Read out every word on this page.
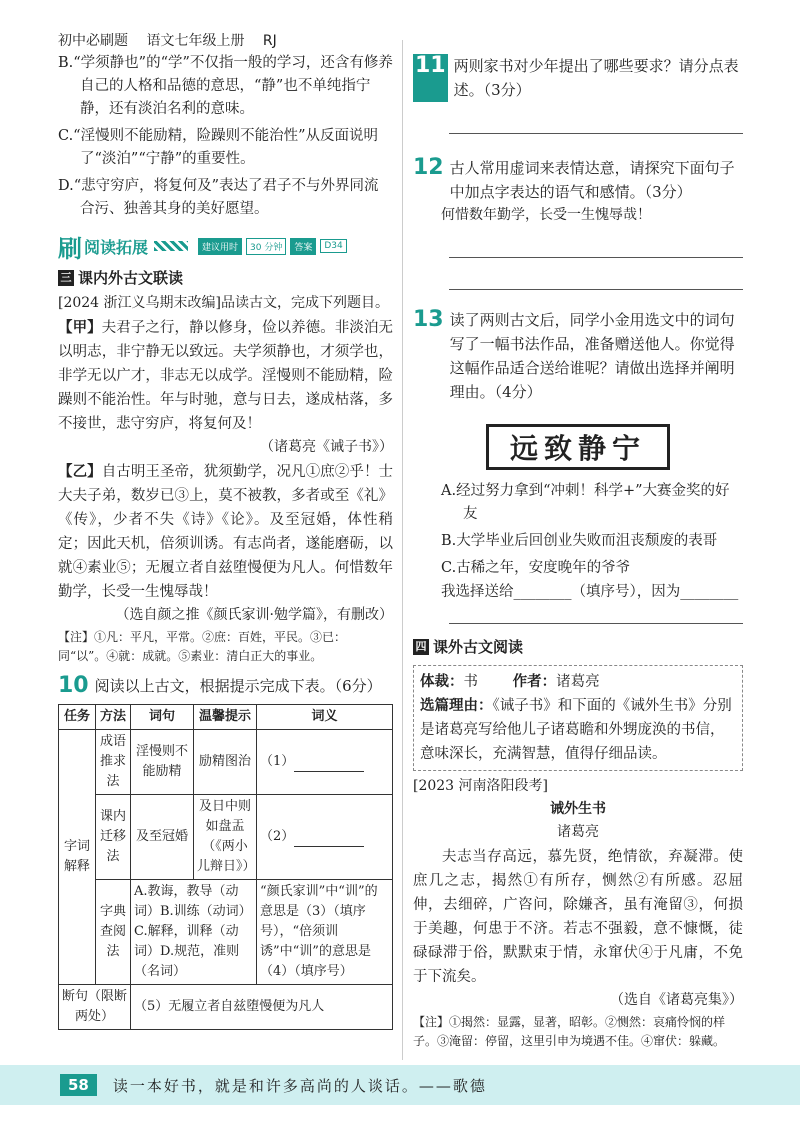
初中必刷题 语文七年级上册 RJ

B.“学须静也”的“学”不仅指一般的学习，还含有修养自己的人格和品德的意思，“静”也不单纯指宁静，还有淡泊名利的意味。

C.“淫慢则不能励精，险躁则不能治性”从反面说明了“淡泊”“宁静”的重要性。

D.“悲守穷庐，将复何及”表达了君子不与外界同流合污、独善其身的美好愿望。

刷 阅读拓展	建议用时	30 分钟	答案	D34
三 课内外古文联读

[2024 浙江义乌期末改编]品读古文，完成下列题目。

【甲】夫君子之行，静以修身，俭以养德。非淡泊无以明志，非宁静无以致远。夫学须静也，才须学也，非学无以广才，非志无以成学。淫慢则不能励精，险躁则不能治性。年与时驰，意与日去，遂成枯落，多不接世，悲守穷庐，将复何及！

（诸葛亮《诫子书》）

【乙】自古明王圣帝，犹须勤学，况凡①庶②乎！士大夫子弟，数岁已③上，莫不被教，多者或至《礼》《传》，少者不失《诗》《论》。及至冠婚，体性稍定；因此天机，倍须训诱。有志尚者，遂能磨砺，以就④素业⑤；无履立者自兹堕慢便为凡人。何惜数年勤学，长受一生愧辱哉！

（选自颜之推《颜氏家训·勉学篇》，有删改）

【注】①凡：平凡，平常。②庶：百姓，平民。③已：同“以”。④就：成就。⑤素业：清白正大的事业。

10 阅读以上古文，根据提示完成下表。（6分）
任务	方法	词句	温馨提示	词义
字词解释	成语推求法	淫慢则不能励精	励精图治	（1）
	课内迁移法	及至冠婚	及日中则如盘盂（《两小儿辩日》）	（2）
	字典查阅法	A.教诲，教导（动词）B.训练（动词）C.解释，训释（动词）D.规范，准则（名词）		“颜氏家训”中“训”的意思是（3）（填序号），“倍须训诱”中“训”的意思是（4）（填序号）
断句（限断两处）		（5）无履立者自兹堕慢便为凡人		
11 两则家书对少年提出了哪些要求？请分点表述。（3分）
12 古人常用虚词来表情达意，请探究下面句子中加点字表达的语气和感情。（3分）

何惜数年勤学，长受一生愧辱哉！

13 读了两则古文后，同学小金用选文中的词句写了一幅书法作品，准备赠送他人。你觉得这幅作品适合送给谁呢？请做出选择并阐明理由。（4分）
远致静宁

A.经过努力拿到“冲刺！科学+”大赛金奖的好友

B.大学毕业后回创业失败而沮丧颓废的表哥

C.古稀之年，安度晚年的爷爷

我选择送给________（填序号），因为________

四 课外古文阅读
体裁：书 作者：诸葛亮
选篇理由：《诫子书》和下面的《诫外生书》分别是诸葛亮写给他儿子诸葛瞻和外甥庞涣的书信，意味深长，充满智慧，值得仔细品读。

[2023 河南洛阳段考]

诫外生书

诸葛亮

夫志当存高远，慕先贤，绝情欲，弃凝滞。使庶几之志，揭然①有所存，恻然②有所感。忍屈伸，去细碎，广咨问，除嫌吝，虽有淹留③，何损于美趣，何患于不济。若志不强毅，意不慷慨，徒碌碌滞于俗，默默束于情，永窜伏④于凡庸，不免于下流矣。

（选自《诸葛亮集》）

【注】①揭然：显露，显著，昭彰。②恻然：哀痛怜悯的样子。③淹留：停留，这里引申为境遇不佳。④窜伏：躲藏。

58	读一本好书，就是和许多高尚的人谈话。——歌德
